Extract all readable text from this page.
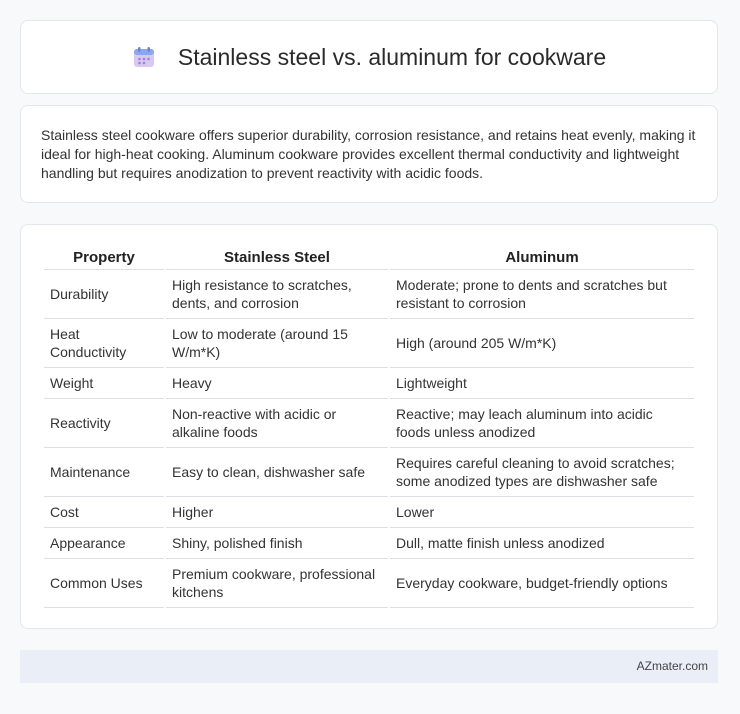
Stainless steel vs. aluminum for cookware

Stainless steel cookware offers superior durability, corrosion resistance, and retains heat evenly, making it ideal for high-heat cooking. Aluminum cookware provides excellent thermal conductivity and lightweight handling but requires anodization to prevent reactivity with acidic foods.

Property	Stainless Steel	Aluminum
Durability	High resistance to scratches, dents, and corrosion	Moderate; prone to dents and scratches but resistant to corrosion
Heat Conductivity	Low to moderate (around 15 W/m*K)	High (around 205 W/m*K)
Weight	Heavy	Lightweight
Reactivity	Non-reactive with acidic or alkaline foods	Reactive; may leach aluminum into acidic foods unless anodized
Maintenance	Easy to clean, dishwasher safe	Requires careful cleaning to avoid scratches; some anodized types are dishwasher safe
Cost	Higher	Lower
Appearance	Shiny, polished finish	Dull, matte finish unless anodized
Common Uses	Premium cookware, professional kitchens	Everyday cookware, budget-friendly options
AZmater.com
